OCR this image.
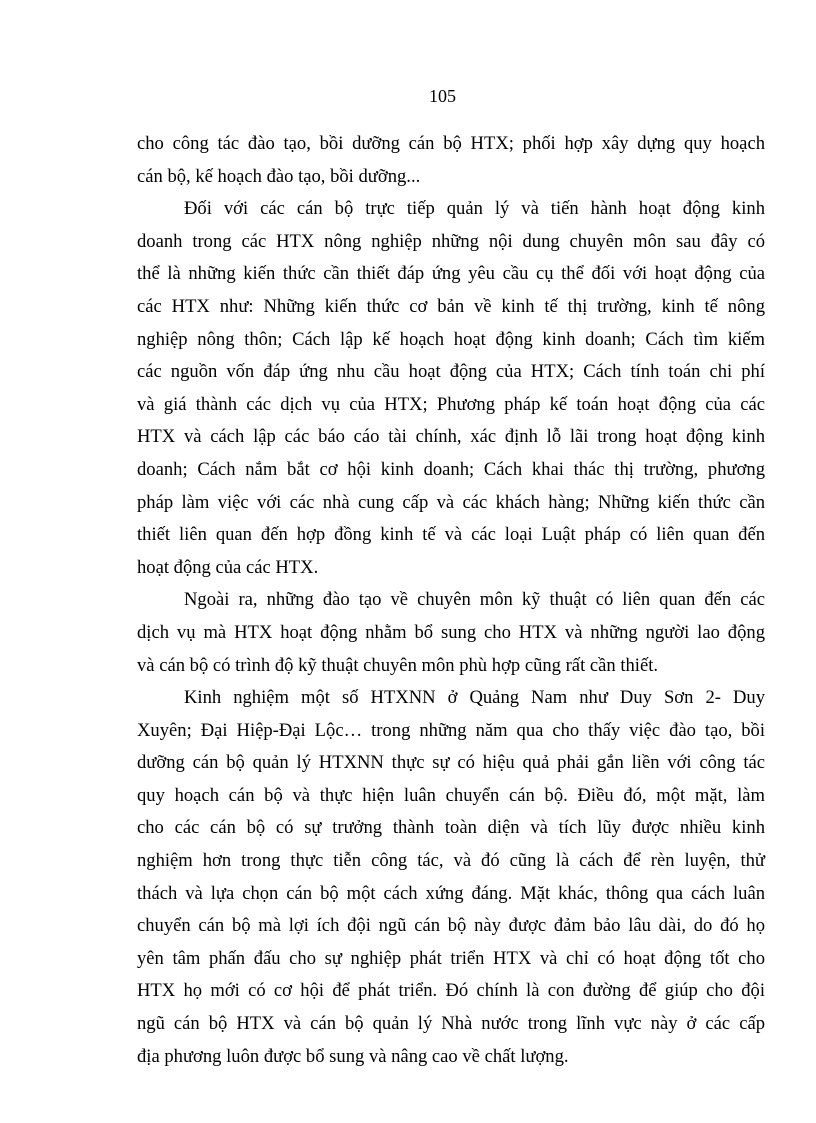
105
cho công tác đào tạo, bồi dưỡng cán bộ HTX; phối hợp xây dựng quy hoạch
cán bộ, kế hoạch đào tạo, bồi dưỡng...
Đối với các cán bộ trực tiếp quản lý và tiến hành hoạt động kinh
doanh trong các HTX nông nghiệp những nội dung chuyên môn sau đây có
thể là những kiến thức cần thiết đáp ứng yêu cầu cụ thể đối với hoạt động của
các HTX như: Những kiến thức cơ bản về kinh tế thị trường, kinh tế nông
nghiệp nông thôn; Cách lập kế hoạch hoạt động kinh doanh; Cách tìm kiếm
các nguồn vốn đáp ứng nhu cầu hoạt động của HTX; Cách tính toán chi phí
và giá thành các dịch vụ của HTX; Phương pháp kế toán hoạt động của các
HTX và cách lập các báo cáo tài chính, xác định lỗ lãi trong hoạt động kinh
doanh; Cách nắm bắt cơ hội kinh doanh; Cách khai thác thị trường, phương
pháp làm việc với các nhà cung cấp và các khách hàng; Những kiến thức cần
thiết liên quan đến hợp đồng kinh tế và các loại Luật pháp có liên quan đến
hoạt động của các HTX.
Ngoài ra, những đào tạo về chuyên môn kỹ thuật có liên quan đến các
dịch vụ mà HTX hoạt động nhằm bổ sung cho HTX và những người lao động
và cán bộ có trình độ kỹ thuật chuyên môn phù hợp cũng rất cần thiết.
Kinh nghiệm một số HTXNN ở Quảng Nam như Duy Sơn 2- Duy
Xuyên; Đại Hiệp-Đại Lộc… trong những năm qua cho thấy việc đào tạo, bồi
dưỡng cán bộ quản lý HTXNN thực sự có hiệu quả phải gắn liền với công tác
quy hoạch cán bộ và thực hiện luân chuyển cán bộ. Điều đó, một mặt, làm
cho các cán bộ có sự trưởng thành toàn diện và tích lũy được nhiều kinh
nghiệm hơn trong thực tiễn công tác, và đó cũng là cách để rèn luyện, thử
thách và lựa chọn cán bộ một cách xứng đáng. Mặt khác, thông qua cách luân
chuyển cán bộ mà lợi ích đội ngũ cán bộ này được đảm bảo lâu dài, do đó họ
yên tâm phấn đấu cho sự nghiệp phát triển HTX và chỉ có hoạt động tốt cho
HTX họ mới có cơ hội để phát triển. Đó chính là con đường để giúp cho đội
ngũ cán bộ HTX và cán bộ quản lý Nhà nước trong lĩnh vực này ở các cấp
địa phương luôn được bổ sung và nâng cao về chất lượng.
